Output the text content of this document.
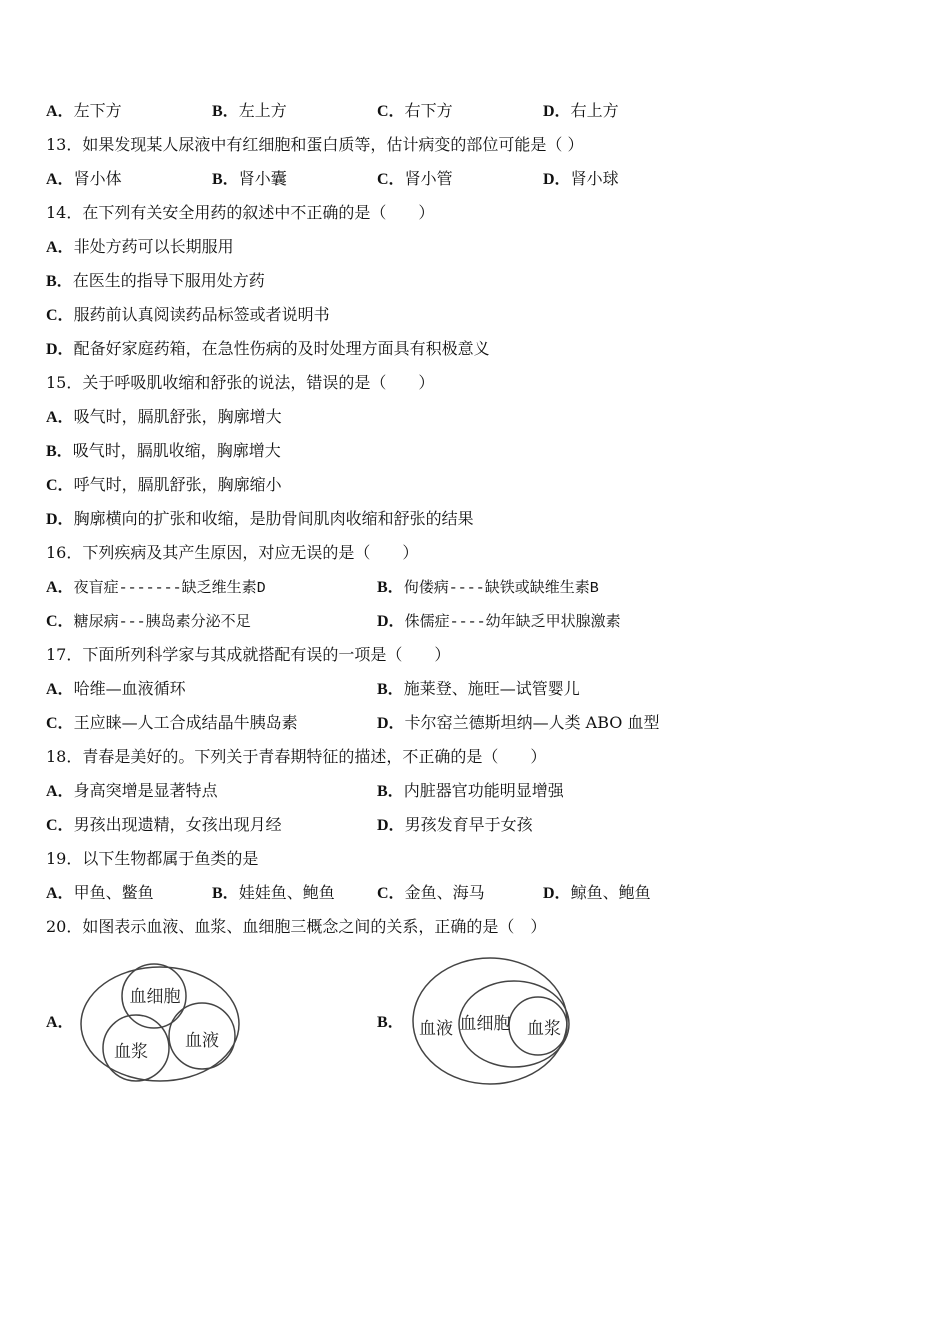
A．左下方	B．左上方	C．右下方	D．右上方
13．如果发现某人尿液中有红细胞和蛋白质等，估计病变的部位可能是（ ）
A．肾小体	B．肾小囊	C．肾小管	D．肾小球
14．在下列有关安全用药的叙述中不正确的是（　　）
A．非处方药可以长期服用
B．在医生的指导下服用处方药
C．服药前认真阅读药品标签或者说明书
D．配备好家庭药箱，在急性伤病的及时处理方面具有积极意义
15．关于呼吸肌收缩和舒张的说法，错误的是（　　）
A．吸气时，膈肌舒张，胸廓增大
B．吸气时，膈肌收缩，胸廓增大
C．呼气时，膈肌舒张，胸廓缩小
D．胸廓横向的扩张和收缩，是肋骨间肌肉收缩和舒张的结果
16．下列疾病及其产生原因，对应无误的是（　　）
A．夜盲症-------缺乏维生素D	B．佝偻病----缺铁或缺维生素B
C．糖尿病---胰岛素分泌不足	D．侏儒症----幼年缺乏甲状腺激素
17．下面所列科学家与其成就搭配有误的一项是（　　）
A．哈维—血液循环	B．施莱登、施旺—试管婴儿
C．王应睐—人工合成结晶牛胰岛素	D．卡尔窑兰德斯坦纳—人类 ABO 血型
18．青春是美好的。下列关于青春期特征的描述，不正确的是（　　）
A．身高突增是显著特点	B．内脏器官功能明显增强
C．男孩出现遗精，女孩出现月经	D．男孩发育早于女孩
19．以下生物都属于鱼类的是
A．甲鱼、鳖鱼	B．娃娃鱼、鲍鱼	C．金鱼、海马	D．鲸鱼、鲍鱼
20．如图表示血液、血浆、血细胞三概念之间的关系，正确的是（　）
A．
血细胞
血浆
血液
B． 血液 血细胞 血浆
